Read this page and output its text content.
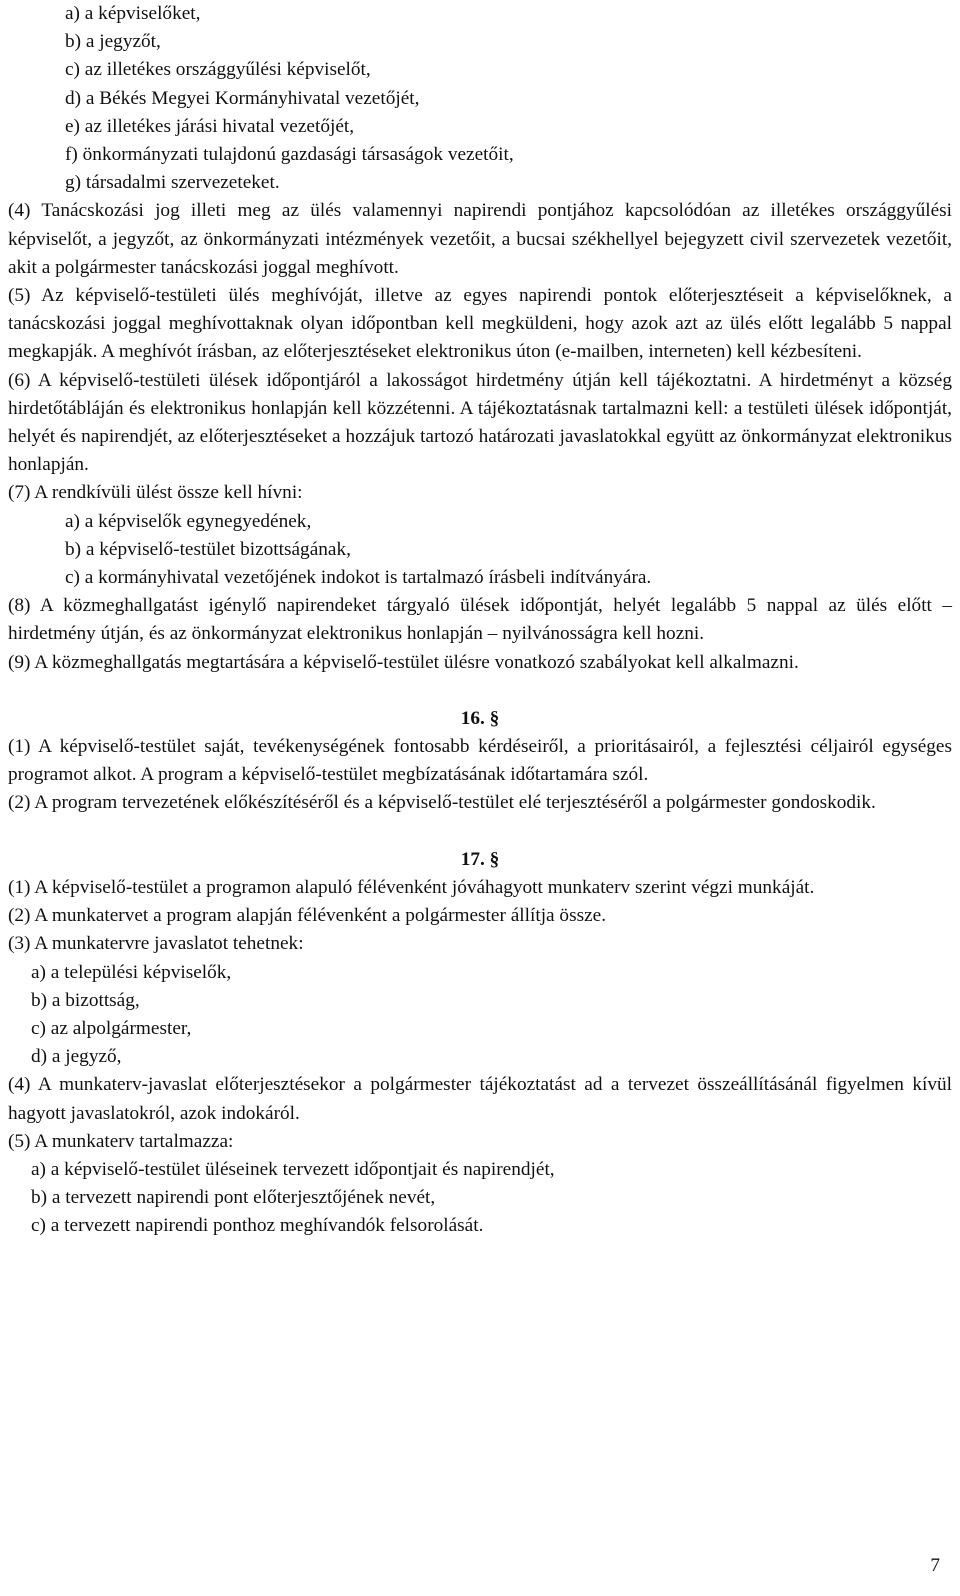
a) a képviselőket,

b) a jegyzőt,

c) az illetékes országgyűlési képviselőt,

d) a Békés Megyei Kormányhivatal vezetőjét,

e) az illetékes járási hivatal vezetőjét,

f) önkormányzati tulajdonú gazdasági társaságok vezetőit,

g) társadalmi szervezeteket.

(4) Tanácskozási jog illeti meg az ülés valamennyi napirendi pontjához kapcsolódóan az illetékes országgyűlési képviselőt, a jegyzőt, az önkormányzati intézmények vezetőit, a bucsai székhellyel bejegyzett civil szervezetek vezetőit, akit a polgármester tanácskozási joggal meghívott.

(5) Az képviselő-testületi ülés meghívóját, illetve az egyes napirendi pontok előterjesztéseit a képviselőknek, a tanácskozási joggal meghívottaknak olyan időpontban kell megküldeni, hogy azok azt az ülés előtt legalább 5 nappal megkapják. A meghívót írásban, az előterjesztéseket elektronikus úton (e-mailben, interneten) kell kézbesíteni.

(6) A képviselő-testületi ülések időpontjáról a lakosságot hirdetmény útján kell tájékoztatni. A hirdetményt a község hirdetőtábláján és elektronikus honlapján kell közzétenni. A tájékoztatásnak tartalmazni kell: a testületi ülések időpontját, helyét és napirendjét, az előterjesztéseket a hozzájuk tartozó határozati javaslatokkal együtt az önkormányzat elektronikus honlapján.

(7) A rendkívüli ülést össze kell hívni:

a) a képviselők egynegyedének,

b) a képviselő-testület bizottságának,

c) a kormányhivatal vezetőjének indokot is tartalmazó írásbeli indítványára.

(8) A közmeghallgatást igénylő napirendeket tárgyaló ülések időpontját, helyét legalább 5 nappal az ülés előtt – hirdetmény útján, és az önkormányzat elektronikus honlapján – nyilvánosságra kell hozni.

(9) A közmeghallgatás megtartására a képviselő-testület ülésre vonatkozó szabályokat kell alkalmazni.

16. §

(1) A képviselő-testület saját, tevékenységének fontosabb kérdéseiről, a prioritásairól, a fejlesztési céljairól egységes programot alkot. A program a képviselő-testület megbízatásának időtartamára szól.

(2) A program tervezetének előkészítéséről és a képviselő-testület elé terjesztéséről a polgármester gondoskodik.

17. §

(1) A képviselő-testület a programon alapuló félévenként jóváhagyott munkaterv szerint végzi munkáját.

(2) A munkatervet a program alapján félévenként a polgármester állítja össze.

(3) A munkatervre javaslatot tehetnek:

a) a települési képviselők,

b) a bizottság,

c) az alpolgármester,

d) a jegyző,

(4) A munkaterv-javaslat előterjesztésekor a polgármester tájékoztatást ad a tervezet összeállításánál figyelmen kívül hagyott javaslatokról, azok indokáról.

(5) A munkaterv tartalmazza:

a) a képviselő-testület üléseinek tervezett időpontjait és napirendjét,

b) a tervezett napirendi pont előterjesztőjének nevét,

c) a tervezett napirendi ponthoz meghívandók felsorolását.

7
